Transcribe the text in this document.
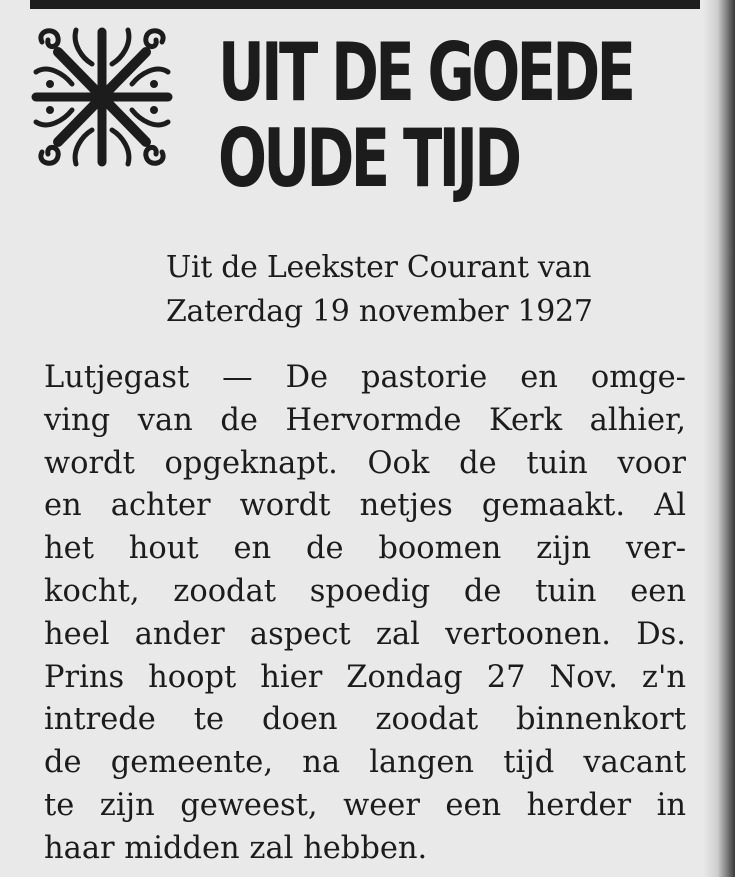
UIT DE GOEDE
OUDE TIJD

Uit de Leekster Courant van
Zaterdag 19 november 1927

Lutjegast — De pastorie en omge-
ving van de Hervormde Kerk alhier,
wordt opgeknapt. Ook de tuin voor
en achter wordt netjes gemaakt. Al
het hout en de boomen zijn ver-
kocht, zoodat spoedig de tuin een
heel ander aspect zal vertoonen. Ds.
Prins hoopt hier Zondag 27 Nov. z'n
intrede te doen zoodat binnenkort
de gemeente, na langen tijd vacant
te zijn geweest, weer een herder in
haar midden zal hebben.
